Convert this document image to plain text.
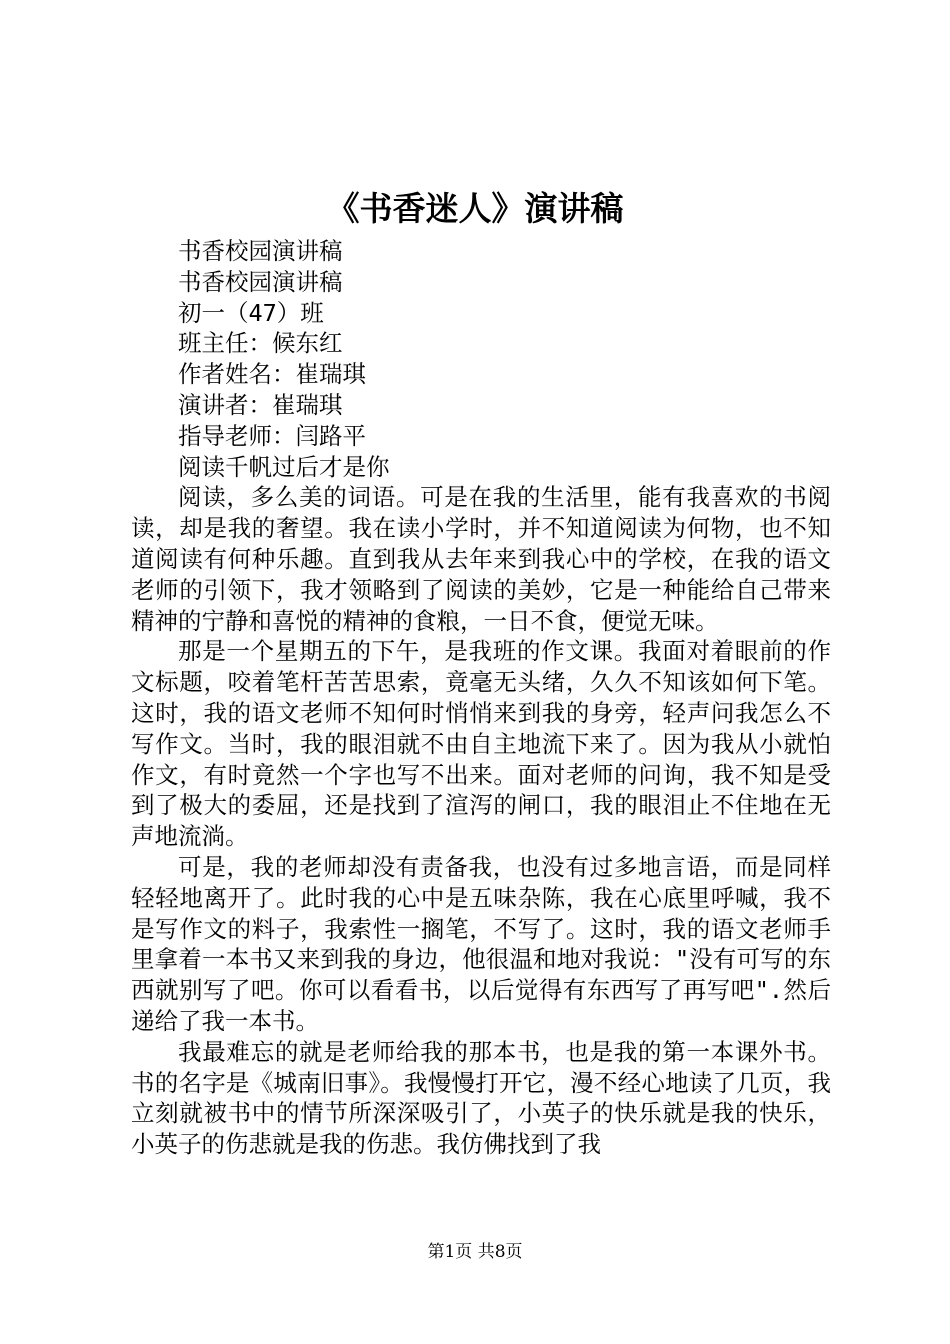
《书香迷人》演讲稿

书香校园演讲稿

书香校园演讲稿

初一（47）班

班主任：候东红

作者姓名：崔瑞琪

演讲者：崔瑞琪

指导老师：闫路平

阅读千帆过后才是你

阅读，多么美的词语。可是在我的生活里，能有我喜欢的书阅读，却是我的奢望。我在读小学时，并不知道阅读为何物，也不知道阅读有何种乐趣。直到我从去年来到我心中的学校，在我的语文老师的引领下，我才领略到了阅读的美妙，它是一种能给自己带来精神的宁静和喜悦的精神的食粮，一日不食，便觉无味。

那是一个星期五的下午，是我班的作文课。我面对着眼前的作文标题，咬着笔杆苦苦思索，竟毫无头绪，久久不知该如何下笔。这时，我的语文老师不知何时悄悄来到我的身旁，轻声问我怎么不写作文。当时，我的眼泪就不由自主地流下来了。因为我从小就怕作文，有时竟然一个字也写不出来。面对老师的问询，我不知是受到了极大的委屈，还是找到了渲泻的闸口，我的眼泪止不住地在无声地流淌。

可是，我的老师却没有责备我，也没有过多地言语，而是同样轻轻地离开了。此时我的心中是五味杂陈，我在心底里呼喊，我不是写作文的料子，我索性一搁笔，不写了。这时，我的语文老师手里拿着一本书又来到我的身边，他很温和地对我说："没有可写的东西就别写了吧。你可以看看书，以后觉得有东西写了再写吧".然后递给了我一本书。

我最难忘的就是老师给我的那本书，也是我的第一本课外书。书的名字是《城南旧事》。我慢慢打开它，漫不经心地读了几页，我立刻就被书中的情节所深深吸引了，小英子的快乐就是我的快乐，小英子的伤悲就是我的伤悲。我仿佛找到了我

第1页 共8页
